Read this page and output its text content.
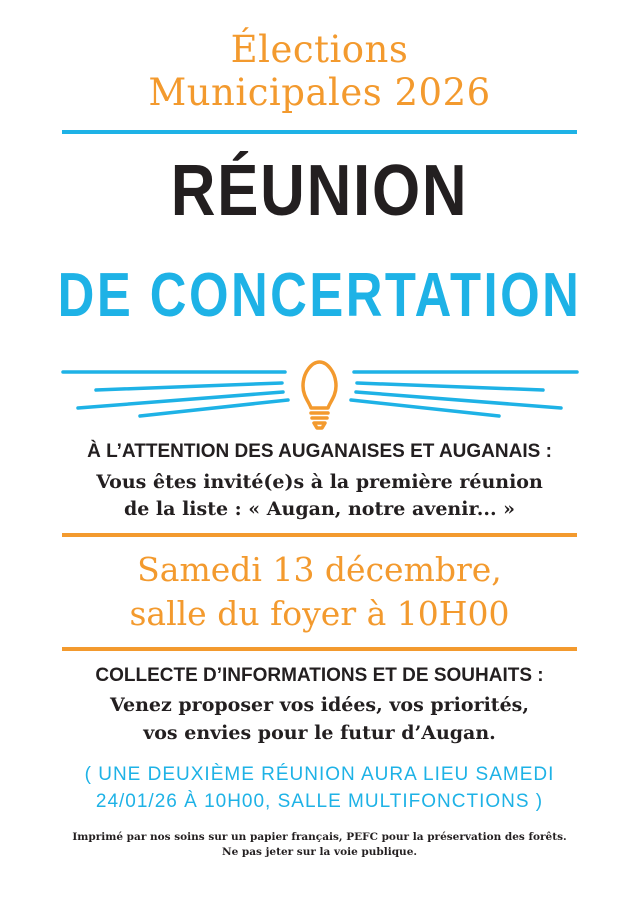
Élections
Municipales 2026
RÉUNION
DE CONCERTATION
À L’ATTENTION DES AUGANAISES ET AUGANAIS :
Vous êtes invité(e)s à la première réunion
de la liste : « Augan, notre avenir... »
Samedi 13 décembre,
salle du foyer à 10H00
COLLECTE D’INFORMATIONS ET DE SOUHAITS :
Venez proposer vos idées, vos priorités,
vos envies pour le futur d’Augan.
( UNE DEUXIÈME RÉUNION AURA LIEU SAMEDI
24/01/26 À 10H00, SALLE MULTIFONCTIONS )
Imprimé par nos soins sur un papier français, PEFC pour la préservation des forêts.
Ne pas jeter sur la voie publique.
